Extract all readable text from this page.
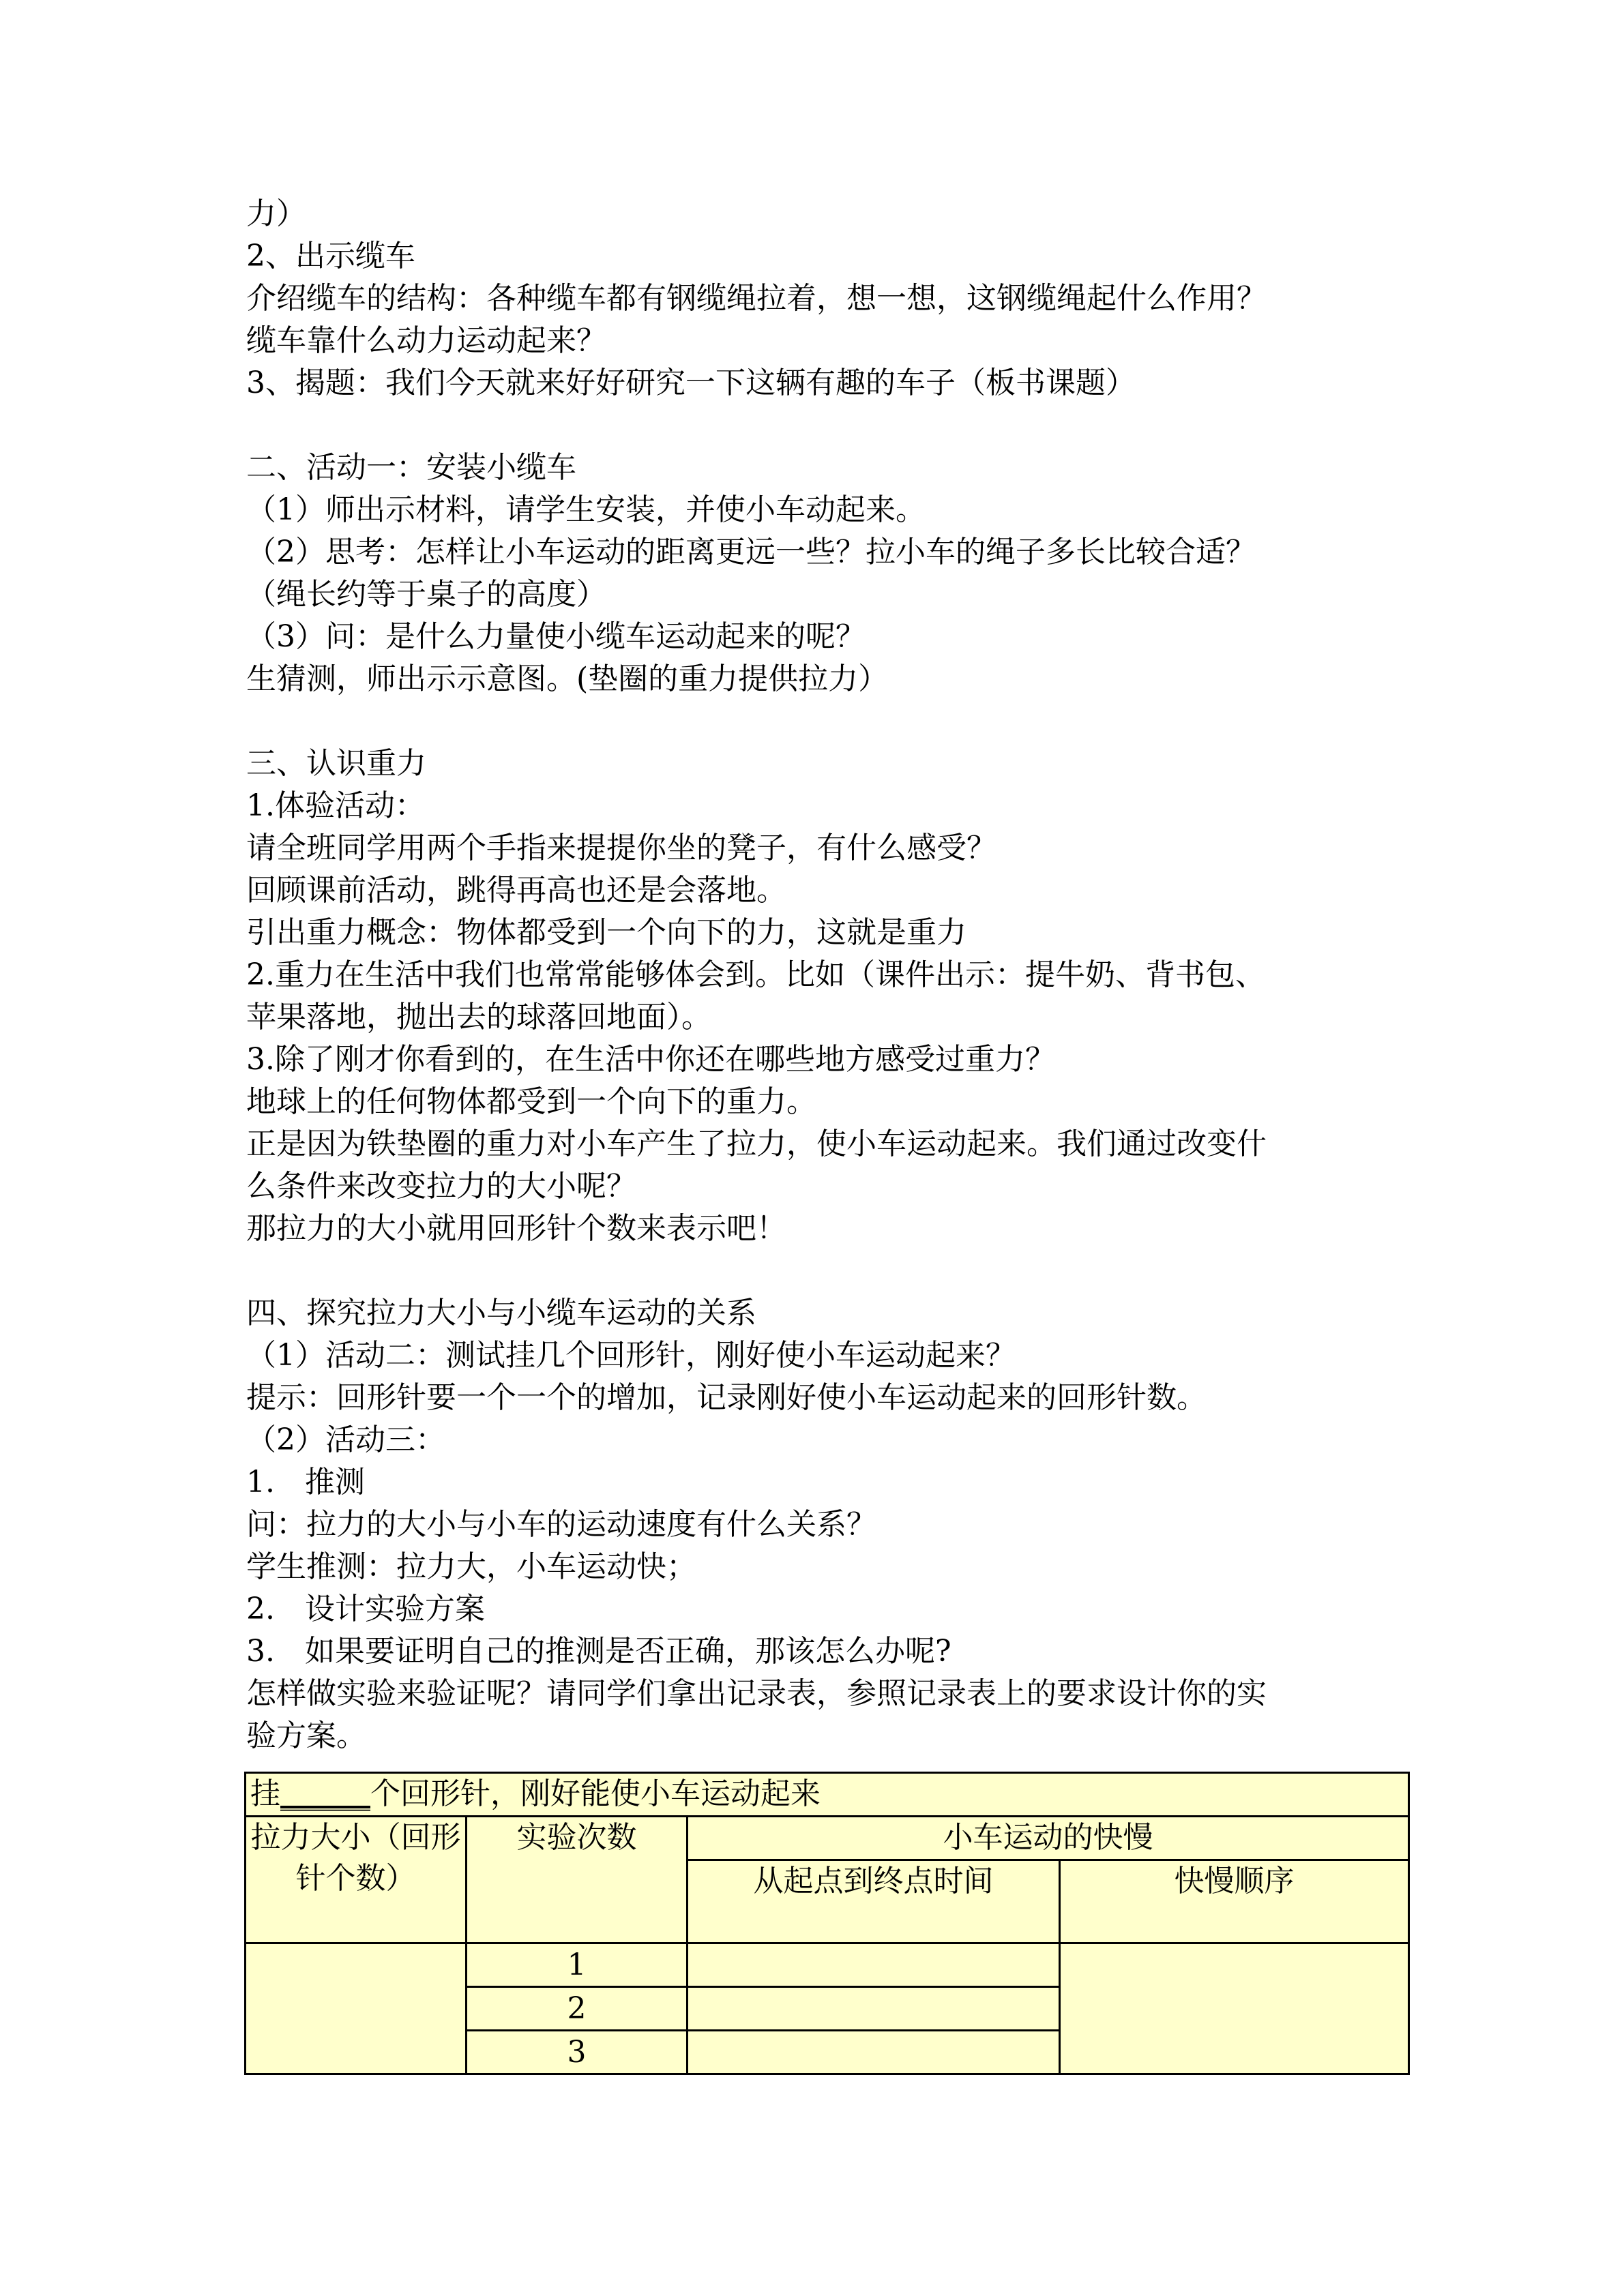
力）

2、出示缆车

介绍缆车的结构：各种缆车都有钢缆绳拉着，想一想，这钢缆绳起什么作用？

缆车靠什么动力运动起来？

3、揭题：我们今天就来好好研究一下这辆有趣的车子（板书课题）

二、活动一：安装小缆车

（1）师出示材料，请学生安装，并使小车动起来。

（2）思考：怎样让小车运动的距离更远一些？拉小车的绳子多长比较合适？

（绳长约等于桌子的高度）

（3）问：是什么力量使小缆车运动起来的呢？

生猜测，师出示示意图。(垫圈的重力提供拉力）

三、认识重力

1.体验活动：

请全班同学用两个手指来提提你坐的凳子，有什么感受？

回顾课前活动，跳得再高也还是会落地。

引出重力概念：物体都受到一个向下的力，这就是重力

2.重力在生活中我们也常常能够体会到。比如（课件出示：提牛奶、背书包、

苹果落地，抛出去的球落回地面）。

3.除了刚才你看到的，在生活中你还在哪些地方感受过重力？

地球上的任何物体都受到一个向下的重力。

正是因为铁垫圈的重力对小车产生了拉力，使小车运动起来。我们通过改变什

么条件来改变拉力的大小呢？

那拉力的大小就用回形针个数来表示吧！

四、探究拉力大小与小缆车运动的关系

（1）活动二：测试挂几个回形针，刚好使小车运动起来？

提示：回形针要一个一个的增加，记录刚好使小车运动起来的回形针数。

（2）活动三：

1.　推测

问：拉力的大小与小车的运动速度有什么关系？

学生推测：拉力大，小车运动快；

2.　设计实验方案

3.　如果要证明自己的推测是否正确，那该怎么办呢?

怎样做实验来验证呢？请同学们拿出记录表，参照记录表上的要求设计你的实

验方案。

挂______个回形针，刚好能使小车运动起来			
拉力大小（回形针个数）	实验次数	小车运动的快慢	
		从起点到终点时间	快慢顺序
	1		
	2		
	3		
